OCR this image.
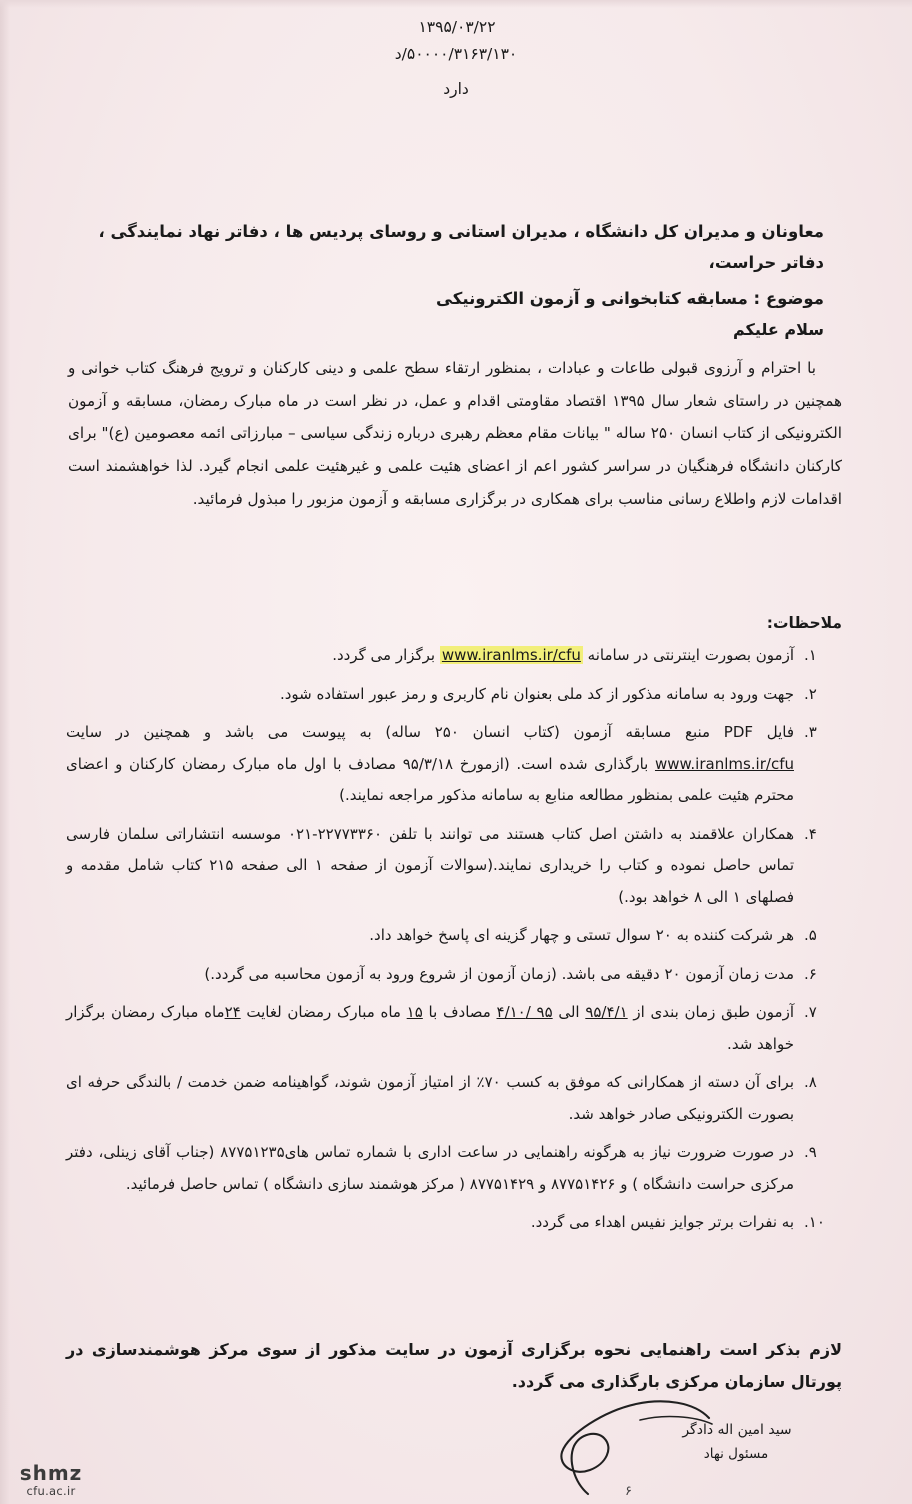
۱۳۹۵/۰۳/۲۲
۵۰۰۰۰/۳۱۶۳/۱۳۰/د
دارد
معاونان و مدیران کل دانشگاه ، مدیران استانی و روسای پردیس ها ، دفاتر نهاد نمایندگی ، دفاتر حراست،
موضوع : مسابقه کتابخوانی و آزمون الکترونیکی
سلام علیکم
با احترام و آرزوی قبولی طاعات و عبادات ، بمنظور ارتقاء سطح علمی و دینی کارکنان و ترویج فرهنگ کتاب خوانی و همچنین در راستای شعار سال ۱۳۹۵ اقتصاد مقاومتی اقدام و عمل، در نظر است در ماه مبارک رمضان، مسابقه و آزمون الکترونیکی از کتاب انسان ۲۵۰ ساله " بیانات مقام معظم رهبری درباره زندگی سیاسی – مبارزاتی ائمه معصومین (ع)" برای کارکنان دانشگاه فرهنگیان در سراسر کشور اعم از اعضای هئیت علمی و غیرهئیت علمی انجام گیرد. لذا خواهشمند است اقدامات لازم واطلاع رسانی مناسب برای همکاری در برگزاری مسابقه و آزمون مزبور را مبذول فرمائید.
ملاحظات:
۱.
آزمون بصورت اینترنتی در سامانه www.iranlms.ir/cfu برگزار می گردد.
۲.
جهت ورود به سامانه مذکور از کد ملی بعنوان نام کاربری و رمز عبور استفاده شود.
۳.
فایل PDF منبع مسابقه آزمون (کتاب انسان ۲۵۰ ساله) به پیوست می باشد و همچنین در سایت www.iranlms.ir/cfu بارگذاری شده است. (ازمورخ ۹۵/۳/۱۸ مصادف با اول ماه مبارک رمضان کارکنان و اعضای محترم هئیت علمی بمنظور مطالعه منابع به سامانه مذکور مراجعه نمایند.)
۴.
همکاران علاقمند به داشتن اصل کتاب هستند می توانند با تلفن ۲۲۷۷۳۳۶۰-۰۲۱ موسسه انتشاراتی سلمان فارسی تماس حاصل نموده و کتاب را خریداری نمایند.(سوالات آزمون از صفحه ۱ الی صفحه ۲۱۵ کتاب شامل مقدمه و فصلهای ۱ الی ۸ خواهد بود.)
۵.
هر شرکت کننده به ۲۰ سوال تستی و چهار گزینه ای پاسخ خواهد داد.
۶.
مدت زمان آزمون ۲۰ دقیقه می باشد. (زمان آزمون از شروع ورود به آزمون محاسبه می گردد.)
۷.
آزمون طبق زمان بندی از ۹۵/۴/۱ الی ۹۵ /۴/۱۰ مصادف با ۱۵ ماه مبارک رمضان لغایت ۲۴ماه مبارک رمضان برگزار خواهد شد.
۸.
برای آن دسته از همکارانی که موفق به کسب ۷۰٪ از امتیاز آزمون شوند، گواهینامه ضمن خدمت / بالندگی حرفه ای بصورت الکترونیکی صادر خواهد شد.
۹.
در صورت ضرورت نیاز به هرگونه راهنمایی در ساعت اداری با شماره تماس های۸۷۷۵۱۲۳۵ (جناب آقای زینلی، دفتر مرکزی حراست دانشگاه ) و ۸۷۷۵۱۴۲۶ و ۸۷۷۵۱۴۲۹ ( مرکز هوشمند سازی دانشگاه ) تماس حاصل فرمائید.
۱۰.
به نفرات برتر جوایز نفیس اهداء می گردد.
لازم بذکر است راهنمایی نحوه برگزاری آزمون در سایت مذکور از سوی مرکز هوشمندسازی در پورتال سازمان مرکزی بارگذاری می گردد.
سید امین اله دادگر
مسئول نهاد
۶
shmz
cfu.ac.ir
